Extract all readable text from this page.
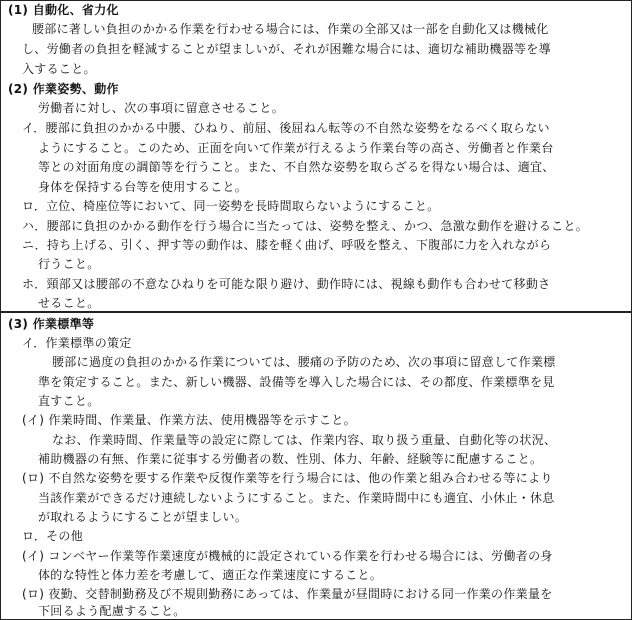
(1) 自動化、省力化
腰部に著しい負担のかかる作業を行わせる場合には、作業の全部又は一部を自動化又は機械化
し、労働者の負担を軽減することが望ましいが、それが困難な場合には、適切な補助機器等を導
入すること。
(2) 作業姿勢、動作
労働者に対し、次の事項に留意させること。
イ．腰部に負担のかかる中腰、ひねり、前屈、後屈ねん転等の不自然な姿勢をなるべく取らない
ようにすること。このため、正面を向いて作業が行えるよう作業台等の高さ、労働者と作業台
等との対面角度の調節等を行うこと。また、不自然な姿勢を取らざるを得ない場合は、適宜、
身体を保持する台等を使用すること。
ロ．立位、椅座位等において、同一姿勢を長時間取らないようにすること。
ハ．腰部に負担のかかる動作を行う場合に当たっては、姿勢を整え、かつ、急激な動作を避けること。
ニ．持ち上げる、引く、押す等の動作は、膝を軽く曲げ、呼吸を整え、下腹部に力を入れながら
行うこと。
ホ．頸部又は腰部の不意なひねりを可能な限り避け、動作時には、視線も動作も合わせて移動さ
せること。
(3) 作業標準等
イ．作業標準の策定
腰部に過度の負担のかかる作業については、腰痛の予防のため、次の事項に留意して作業標
準を策定すること。また、新しい機器、設備等を導入した場合には、その都度、作業標準を見
直すこと。
(イ) 作業時間、作業量、作業方法、使用機器等を示すこと。
なお、作業時間、作業量等の設定に際しては、作業内容、取り扱う重量、自動化等の状況、
補助機器の有無、作業に従事する労働者の数、性別、体力、年齢、経験等に配慮すること。
(ロ) 不自然な姿勢を要する作業や反復作業等を行う場合には、他の作業と組み合わせる等により
当該作業ができるだけ連続しないようにすること。また、作業時間中にも適宜、小休止・休息
が取れるようにすることが望ましい。
ロ．その他
(イ) コンベヤー作業等作業速度が機械的に設定されている作業を行わせる場合には、労働者の身
体的な特性と体力差を考慮して、適正な作業速度にすること。
(ロ) 夜勤、交替制勤務及び不規則勤務にあっては、作業量が昼間時における同一作業の作業量を
下回るよう配慮すること。
